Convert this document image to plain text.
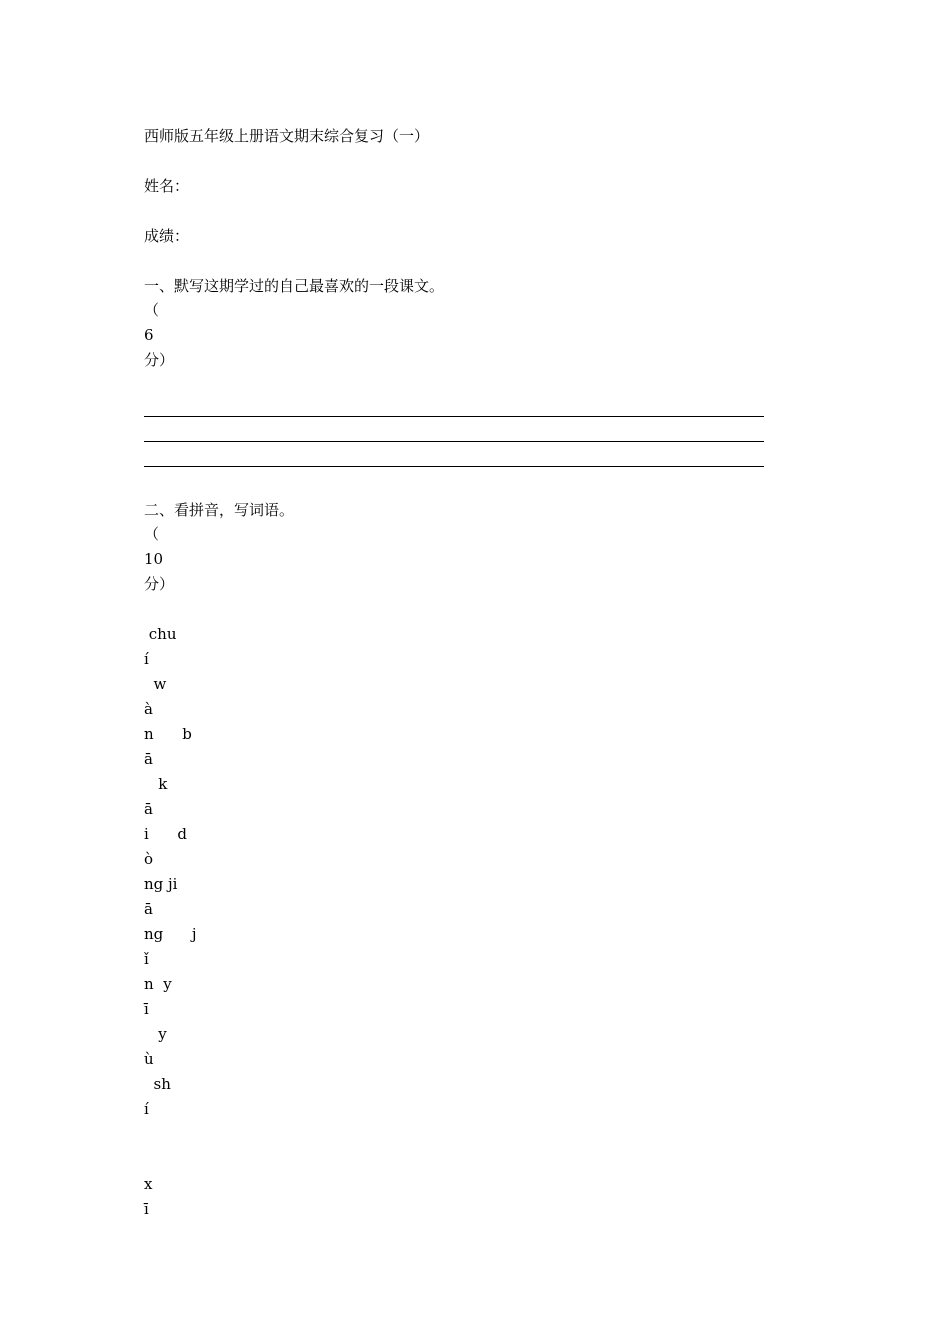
西师版五年级上册语文期末综合复习（一）
姓名：
成绩：
一、默写这期学过的自己最喜欢的一段课文。
（
6
分）
二、看拼音，写词语。
（
10
分）
chu
í
w
à
n      b
ā
k
ā
i      d
ò
ng ji
ā
ng      j
ǐ
n  y
ī
y
ù
sh
í
x
ī
